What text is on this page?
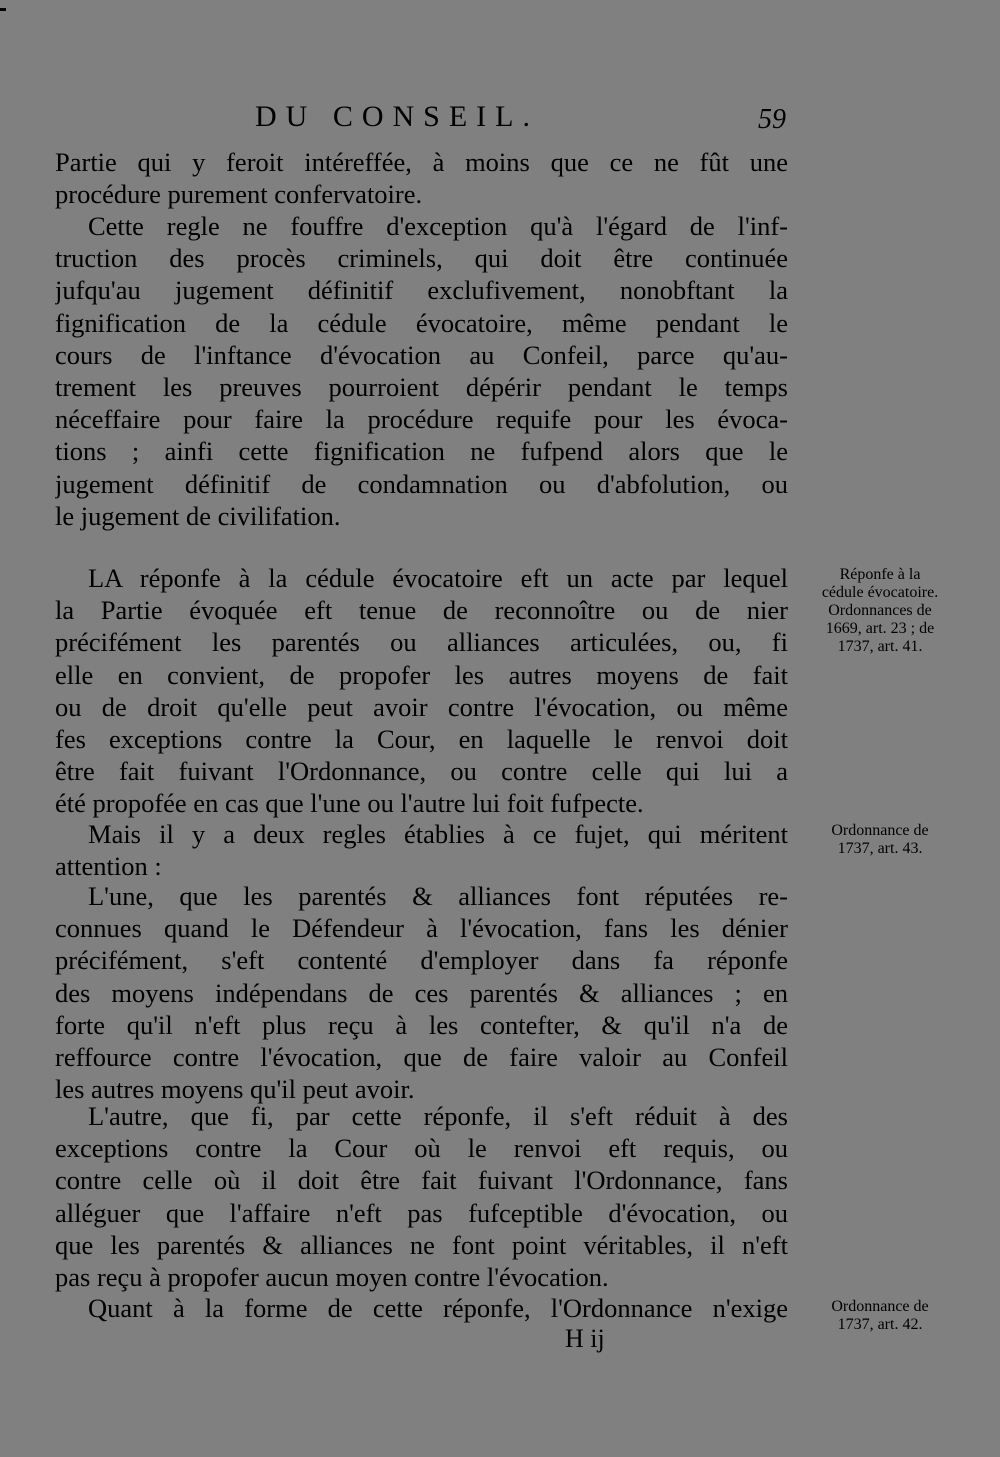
DU CONSEIL.	59
Partie qui y feroit intéreffée, à moins que ce ne fût une
procédure purement confervatoire.
Cette regle ne fouffre d'exception qu'à l'égard de l'inf-
truction des procès criminels, qui doit être continuée
jufqu'au jugement définitif exclufivement, nonobftant la
fignification de la cédule évocatoire, même pendant le
cours de l'inftance d'évocation au Confeil, parce qu'au-
trement les preuves pourroient dépérir pendant le temps
néceffaire pour faire la procédure requife pour les évoca-
tions ; ainfi cette fignification ne fufpend alors que le
jugement définitif de condamnation ou d'abfolution, ou
le jugement de civilifation.
LA réponfe à la cédule évocatoire eft un acte par lequel
la Partie évoquée eft tenue de reconnoître ou de nier
précifément les parentés ou alliances articulées, ou, fi
elle en convient, de propofer les autres moyens de fait
ou de droit qu'elle peut avoir contre l'évocation, ou même
fes exceptions contre la Cour, en laquelle le renvoi doit
être fait fuivant l'Ordonnance, ou contre celle qui lui a
été propofée en cas que l'une ou l'autre lui foit fufpecte.
Mais il y a deux regles établies à ce fujet, qui méritent
attention :
L'une, que les parentés & alliances font réputées re-
connues quand le Défendeur à l'évocation, fans les dénier
précifément, s'eft contenté d'employer dans fa réponfe
des moyens indépendans de ces parentés & alliances ; en
forte qu'il n'eft plus reçu à les contefter, & qu'il n'a de
reffource contre l'évocation, que de faire valoir au Confeil
les autres moyens qu'il peut avoir.
L'autre, que fi, par cette réponfe, il s'eft réduit à des
exceptions contre la Cour où le renvoi eft requis, ou
contre celle où il doit être fait fuivant l'Ordonnance, fans
alléguer que l'affaire n'eft pas fufceptible d'évocation, ou
que les parentés & alliances ne font point véritables, il n'eft
pas reçu à propofer aucun moyen contre l'évocation.
Quant à la forme de cette réponfe, l'Ordonnance n'exige
Réponfe à la
cédule évocatoire.
Ordonnances de
1669, art. 23 ; de
1737, art. 41.
Ordonnance de
1737, art. 43.
Ordonnance de
1737, art. 42.
H ij
